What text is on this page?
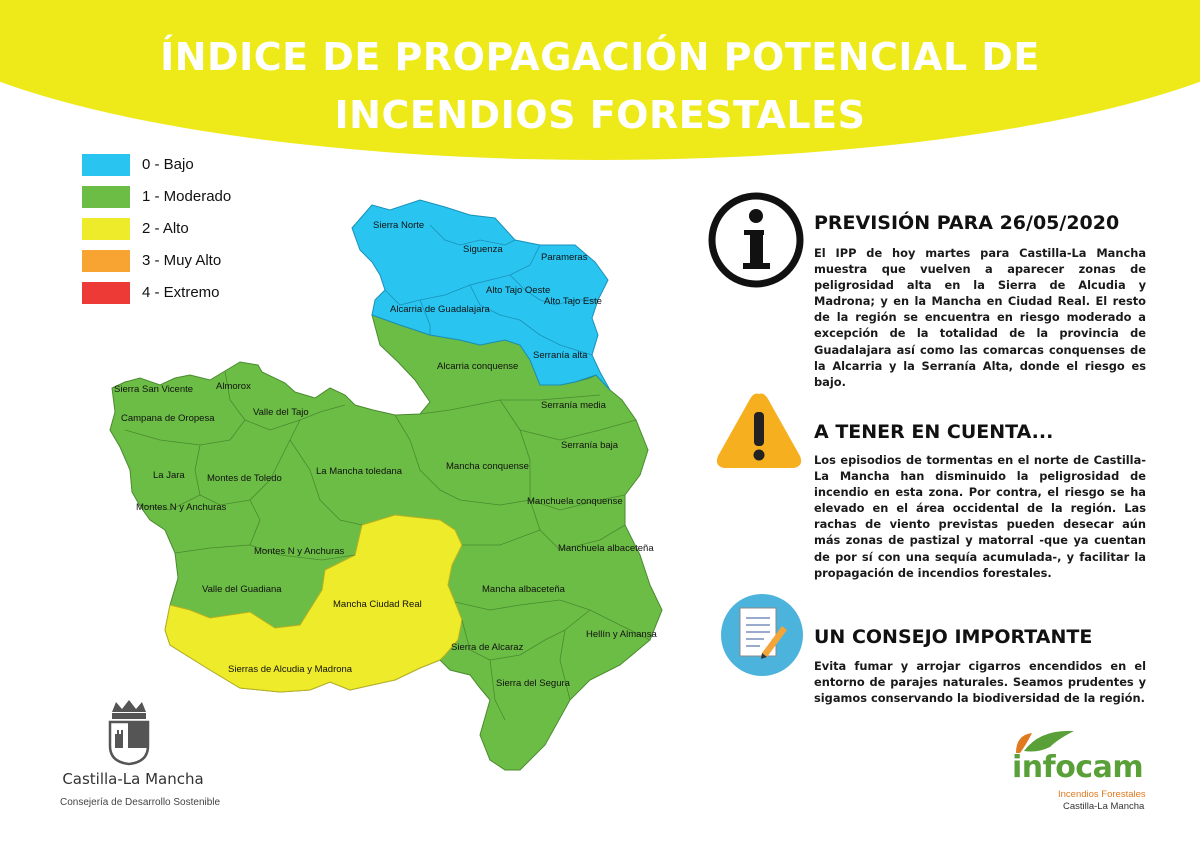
ÍNDICE DE PROPAGACIÓN POTENCIAL DE
INCENDIOS FORESTALES
0 - Bajo
1 - Moderado
2 - Alto
3 - Muy Alto
4 - Extremo
Sierra Norte
Siguenza
Parameras
Alto Tajo Oeste
Alto Tajo Este
Alcarria de Guadalajara
Serranía alta
Alcarria conquense
Sierra San Vicente Almorox
Campana de Oropesa
Valle del Tajo
Serranía media
Serranía baja
La Jara Montes de Toledo
La Mancha toledana	Mancha conquense
Montes N y Anchuras
Manchuela conquense
Montes N y Anchuras	Manchuela albaceteña
Valle del Guadiana	Mancha albaceteña
Mancha Ciudad Real
Hellín y Almansa
Sierra de Alcaraz
Sierras de Alcudia y Madrona
Sierra del Segura
PREVISIÓN PARA 26/05/2020
El IPP de hoy martes para Castilla-La Mancha muestra que vuelven a aparecer zonas de peligrosidad alta en la Sierra de Alcudia y Madrona; y en la Mancha en Ciudad Real. El resto de la región se encuentra en riesgo moderado a excepción de la totalidad de la provincia de Guadalajara así como las comarcas conquenses de la Alcarria y la Serranía Alta, donde el riesgo es bajo.
A TENER EN CUENTA...
Los episodios de tormentas en el norte de Castilla-La Mancha han disminuido la peligrosidad de incendio en esta zona. Por contra, el riesgo se ha elevado en el área occidental de la región. Las rachas de viento previstas pueden desecar aún más zonas de pastizal y matorral -que ya cuentan de por sí con una sequía acumulada-, y facilitar la propagación de incendios forestales.
UN CONSEJO IMPORTANTE
Evita fumar y arrojar cigarros encendidos en el entorno de parajes naturales. Seamos prudentes y sigamos conservando la biodiversidad de la región.
Castilla-La Mancha
Consejería de Desarrollo Sostenible
infocam
Incendios Forestales
Castilla-La Mancha
